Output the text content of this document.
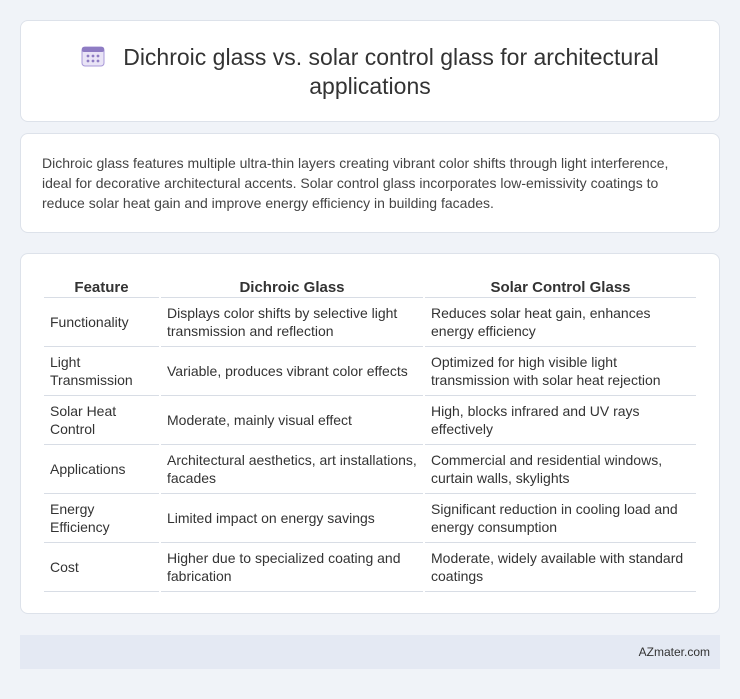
Dichroic glass vs. solar control glass for architectural applications

Dichroic glass features multiple ultra-thin layers creating vibrant color shifts through light interference, ideal for decorative architectural accents. Solar control glass incorporates low-emissivity coatings to reduce solar heat gain and improve energy efficiency in building facades.

Feature	Dichroic Glass	Solar Control Glass
Functionality	Displays color shifts by selective light transmission and reflection	Reduces solar heat gain, enhances energy efficiency
Light Transmission	Variable, produces vibrant color effects	Optimized for high visible light transmission with solar heat rejection
Solar Heat Control	Moderate, mainly visual effect	High, blocks infrared and UV rays effectively
Applications	Architectural aesthetics, art installations, facades	Commercial and residential windows, curtain walls, skylights
Energy Efficiency	Limited impact on energy savings	Significant reduction in cooling load and energy consumption
Cost	Higher due to specialized coating and fabrication	Moderate, widely available with standard coatings
AZmater.com
